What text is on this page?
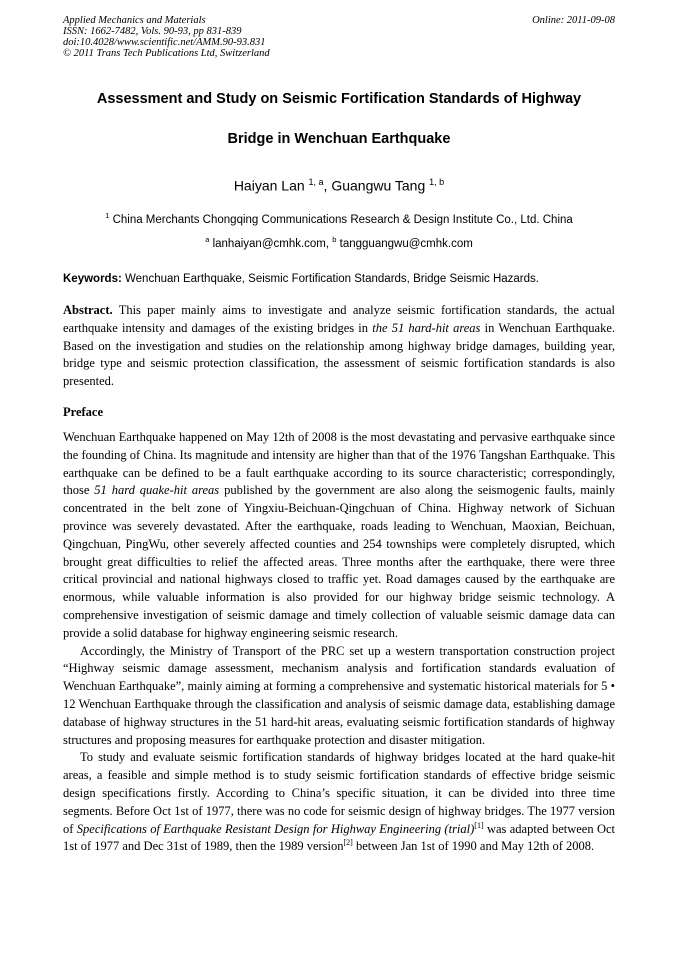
Applied Mechanics and Materials	Online: 2011-09-08
ISSN: 1662-7482, Vols. 90-93, pp 831-839
doi:10.4028/www.scientific.net/AMM.90-93.831
© 2011 Trans Tech Publications Ltd, Switzerland
Assessment and Study on Seismic Fortification Standards of Highway
Bridge in Wenchuan Earthquake
Haiyan Lan $^{1, a}$, Guangwu Tang $^{1, b}$
$^1$ China Merchants Chongqing Communications Research & Design Institute Co., Ltd. China
$^a$ lanhaiyan@cmhk.com, $^b$ tangguangwu@cmhk.com
Keywords: Wenchuan Earthquake, Seismic Fortification Standards, Bridge Seismic Hazards.
Abstract. This paper mainly aims to investigate and analyze seismic fortification standards, the actual earthquake intensity and damages of the existing bridges in the 51 hard-hit areas in Wenchuan Earthquake. Based on the investigation and studies on the relationship among highway bridge damages, building year, bridge type and seismic protection classification, the assessment of seismic fortification standards is also presented.
Preface

Wenchuan Earthquake happened on May 12th of 2008 is the most devastating and pervasive earthquake since the founding of China. Its magnitude and intensity are higher than that of the 1976 Tangshan Earthquake. This earthquake can be defined to be a fault earthquake according to its source characteristic; correspondingly, those 51 hard quake-hit areas published by the government are also along the seismogenic faults, mainly concentrated in the belt zone of Yingxiu-Beichuan-Qingchuan of China. Highway network of Sichuan province was severely devastated. After the earthquake, roads leading to Wenchuan, Maoxian, Beichuan, Qingchuan, PingWu, other severely affected counties and 254 townships were completely disrupted, which brought great difficulties to relief the affected areas. Three months after the earthquake, there were three critical provincial and national highways closed to traffic yet. Road damages caused by the earthquake are enormous, while valuable information is also provided for our highway bridge seismic technology. A comprehensive investigation of seismic damage and timely collection of valuable seismic damage data can provide a solid database for highway engineering seismic research.

Accordingly, the Ministry of Transport of the PRC set up a western transportation construction project “Highway seismic damage assessment, mechanism analysis and fortification standards evaluation of Wenchuan Earthquake”, mainly aiming at forming a comprehensive and systematic historical materials for 5 • 12 Wenchuan Earthquake through the classification and analysis of seismic damage data, establishing damage database of highway structures in the 51 hard-hit areas, evaluating seismic fortification standards of highway structures and proposing measures for earthquake protection and disaster mitigation.

To study and evaluate seismic fortification standards of highway bridges located at the hard quake-hit areas, a feasible and simple method is to study seismic fortification standards of effective bridge seismic design specifications firstly. According to China’s specific situation, it can be divided into three time segments. Before Oct 1st of 1977, there was no code for seismic design of highway bridges. The 1977 version of Specifications of Earthquake Resistant Design for Highway Engineering (trial)[1] was adapted between Oct 1st of 1977 and Dec 31st of 1989, then the 1989 version[2] between Jan 1st of 1990 and May 12th of 2008.
